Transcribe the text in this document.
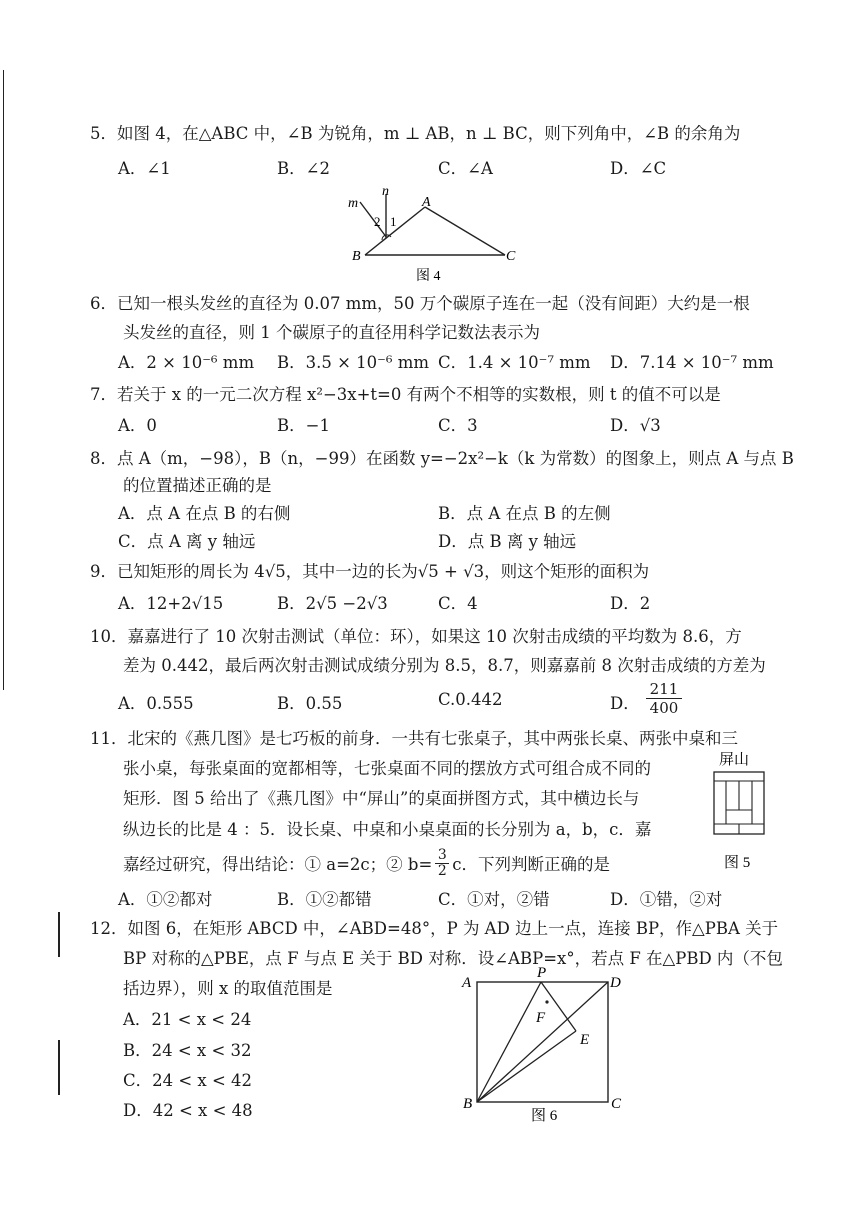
5．如图 4，在△ABC 中，∠B 为锐角，m ⊥ AB，n ⊥ BC，则下列角中，∠B 的余角为
A．∠1	B．∠2	C．∠A	D．∠C
m
n
2 1
A
B	C
图 4
6．已知一根头发丝的直径为 0.07 mm，50 万个碳原子连在一起（没有间距）大约是一根
头发丝的直径，则 1 个碳原子的直径用科学记数法表示为
A．2 × 10⁻⁶ mm B．3.5 × 10⁻⁶ mm C．1.4 × 10⁻⁷ mm D．7.14 × 10⁻⁷ mm
7．若关于 x 的一元二次方程 x²−3x+t=0 有两个不相等的实数根，则 t 的值不可以是
A．0	B．−1	C．3	D．√3
8．点 A（m，−98），B（n，−99）在函数 y=−2x²−k（k 为常数）的图象上，则点 A 与点 B
的位置描述正确的是
A．点 A 在点 B 的右侧	B．点 A 在点 B 的左侧
C．点 A 离 y 轴远	D．点 B 离 y 轴远
9．已知矩形的周长为 4√5，其中一边的长为√5 + √3，则这个矩形的面积为
A．12+2√15	B．2√5 −2√3	C．4	D．2
10．嘉嘉进行了 10 次射击测试（单位：环），如果这 10 次射击成绩的平均数为 8.6，方
差为 0.442，最后两次射击测试成绩分别为 8.5，8.7，则嘉嘉前 8 次射击成绩的方差为
A．0.555	B．0.55	C.0.442	D． $\frac{211}{400}$
11．北宋的《燕几图》是七巧板的前身．一共有七张桌子，其中两张长桌、两张中桌和三
张小桌，每张桌面的宽都相等，七张桌面不同的摆放方式可组合成不同的
矩形．图 5 给出了《燕几图》中“屏山”的桌面拼图方式，其中横边长与
纵边长的比是 4 ：5．设长桌、中桌和小桌桌面的长分别为 a，b，c．嘉
嘉经过研究，得出结论：① a=2c；② $b= \frac{3}{2}$ c．下列判断正确的是
屏山
图 5
A．①②都对	B．①②都错	C．①对，②错	D．①错，②对
12．如图 6，在矩形 ABCD 中，∠ABD=48°，P 为 AD 边上一点，连接 BP，作△PBA 关于
BP 对称的△PBE，点 F 与点 E 关于 BD 对称．设∠ABP=x°，若点 F 在△PBD 内（不包
括边界），则 x 的取值范围是
A．21 < x < 24
B．24 < x < 32
C．24 < x < 42
D．42 < x < 48
P
A	D
F
E
B	C
图 6
